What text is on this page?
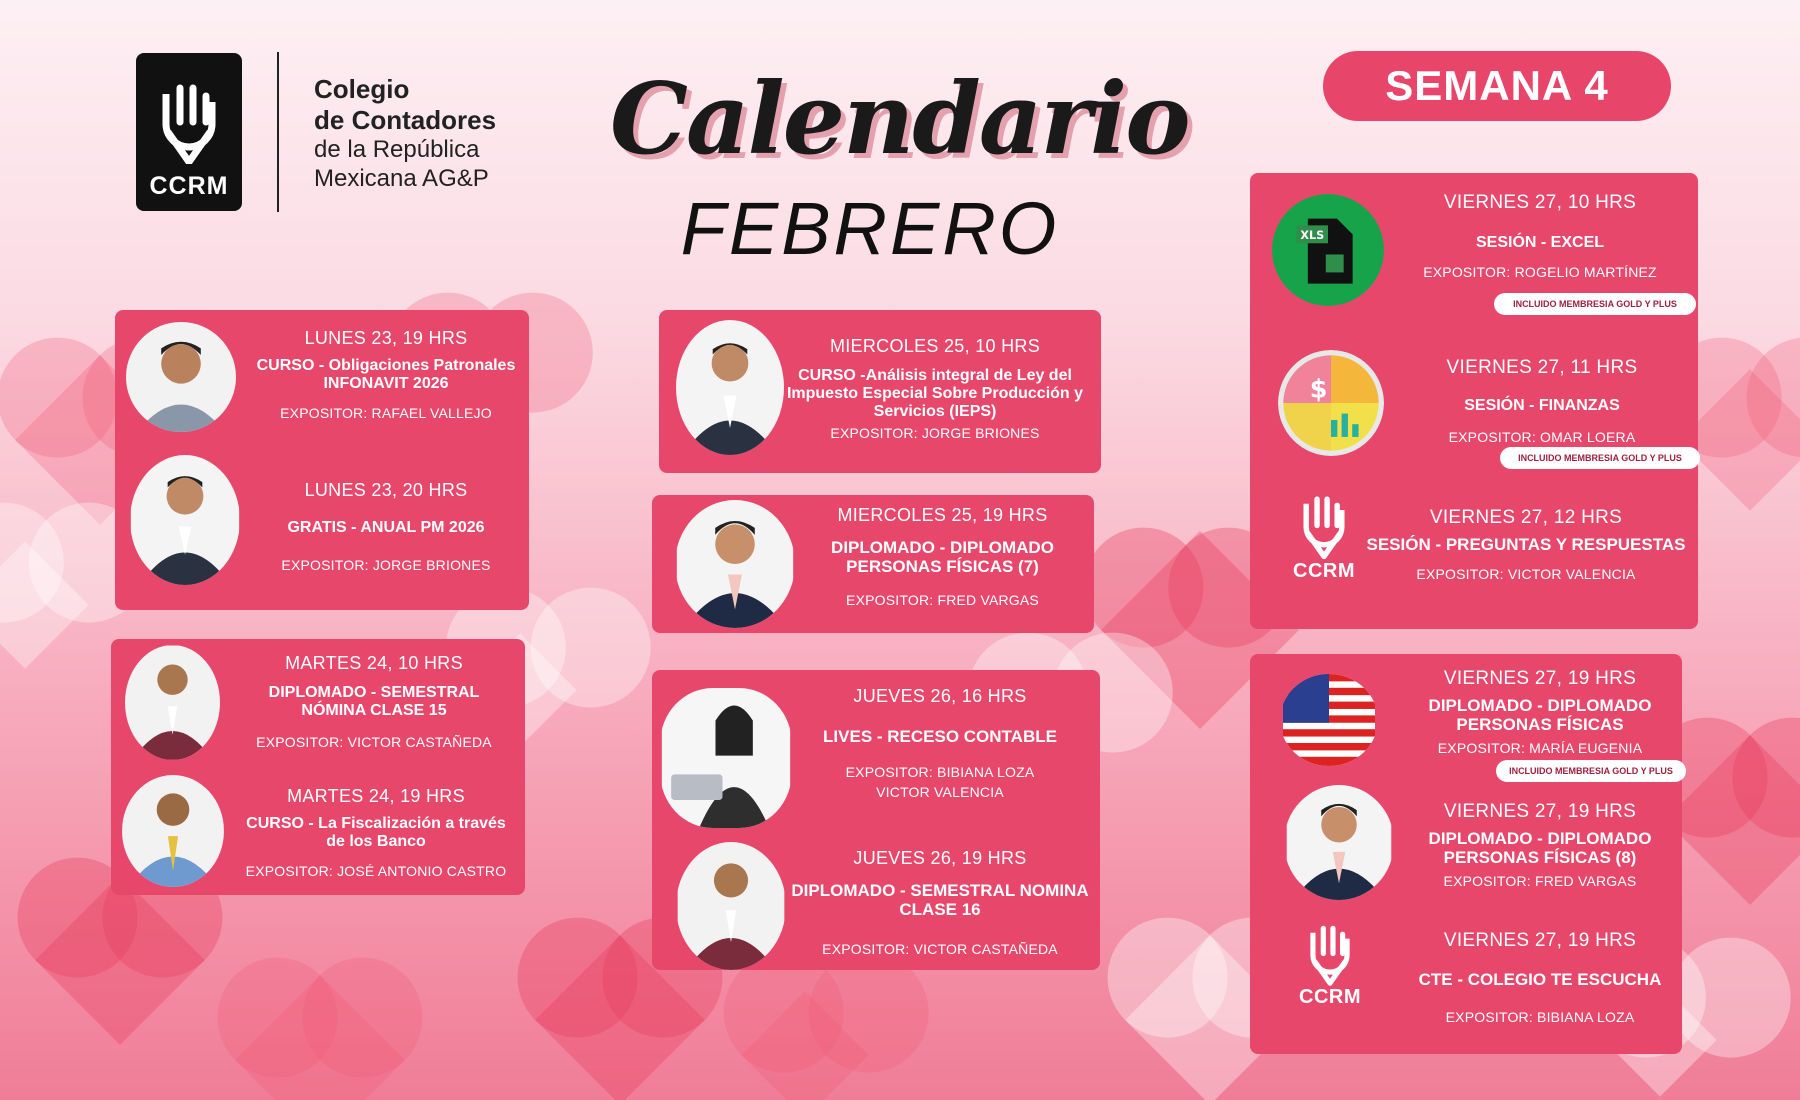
CCRM
Colegio
de Contadores
de la República
Mexicana AG&P
Calendario
FEBRERO
SEMANA 4
LUNES 23, 19 HRS
CURSO - Obligaciones Patronales INFONAVIT 2026
EXPOSITOR: RAFAEL VALLEJO
LUNES 23, 20 HRS
GRATIS - ANUAL PM 2026
EXPOSITOR: JORGE BRIONES
MARTES 24, 10 HRS
DIPLOMADO - SEMESTRAL NÓMINA CLASE 15
EXPOSITOR: VICTOR CASTAÑEDA
MARTES 24, 19 HRS
CURSO - La Fiscalización a través de los Banco
EXPOSITOR: JOSÉ ANTONIO CASTRO
MIERCOLES 25, 10 HRS
CURSO -Análisis integral de Ley del Impuesto Especial Sobre Producción y Servicios (IEPS)
EXPOSITOR: JORGE BRIONES
MIERCOLES 25, 19 HRS
DIPLOMADO - DIPLOMADO PERSONAS FÍSICAS (7)
EXPOSITOR: FRED VARGAS
JUEVES 26, 16 HRS
LIVES - RECESO CONTABLE
EXPOSITOR: BIBIANA LOZA
VICTOR VALENCIA
JUEVES 26, 19 HRS
DIPLOMADO - SEMESTRAL NOMINA CLASE 16
EXPOSITOR: VICTOR CASTAÑEDA
XLS
VIERNES 27, 10 HRS
SESIÓN - EXCEL
EXPOSITOR: ROGELIO MARTÍNEZ
INCLUIDO MEMBRESIA GOLD Y PLUS
$
VIERNES 27, 11 HRS
SESIÓN - FINANZAS
EXPOSITOR: OMAR LOERA
INCLUIDO MEMBRESIA GOLD Y PLUS
CCRM
VIERNES 27, 12 HRS
SESIÓN - PREGUNTAS Y RESPUESTAS
EXPOSITOR: VICTOR VALENCIA
VIERNES 27, 19 HRS
DIPLOMADO - DIPLOMADO PERSONAS FÍSICAS
EXPOSITOR: MARÍA EUGENIA
INCLUIDO MEMBRESIA GOLD Y PLUS
VIERNES 27, 19 HRS
DIPLOMADO - DIPLOMADO PERSONAS FÍSICAS (8)
EXPOSITOR: FRED VARGAS
CCRM
VIERNES 27, 19 HRS
CTE - COLEGIO TE ESCUCHA
EXPOSITOR: BIBIANA LOZA
